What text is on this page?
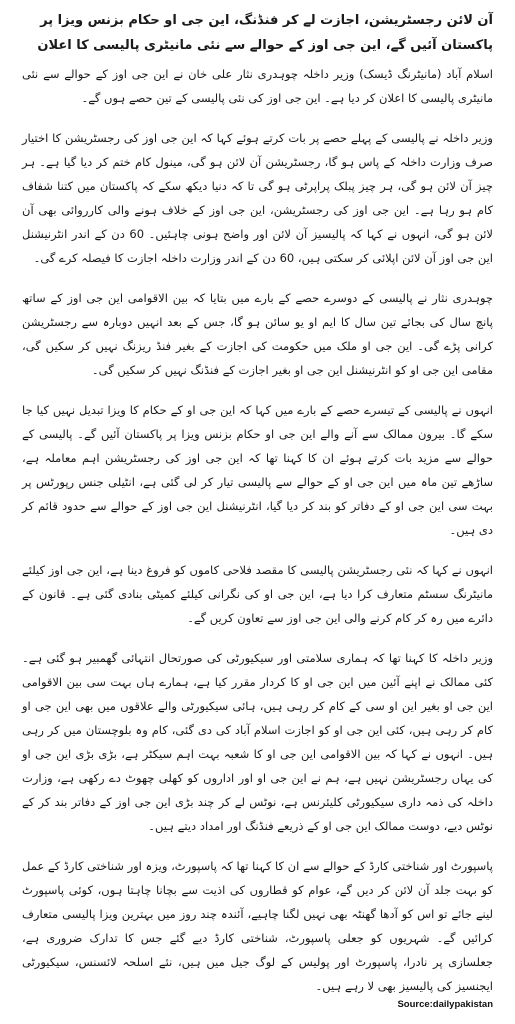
آن لائن رجسٹریشن، اجازت لے کر فنڈنگ، این جی او حکام بزنس ویزا پر پاکستان آئیں گے، این جی اوز کے حوالے سے نئی مانیٹری پالیسی کا اعلان
اسلام آباد (مانیٹرنگ ڈیسک) وزیر داخلہ چوہدری نثار علی خان نے این جی اوز کے حوالے سے نئی مانیٹری پالیسی کا اعلان کر دیا ہے۔ این جی اوز کی نئی پالیسی کے تین حصے ہوں گے۔
وزیر داخلہ نے پالیسی کے پہلے حصے پر بات کرتے ہوئے کہا کہ این جی اوز کی رجسٹریشن کا اختیار صرف وزارت داخلہ کے پاس ہو گا، رجسٹریشن آن لائن ہو گی، مینول کام ختم کر دیا گیا ہے۔ ہر چیز آن لائن ہو گی، ہر چیز پبلک پراپرٹی ہو گی تا کہ دنیا دیکھ سکے کہ پاکستان میں کتنا شفاف کام ہو رہا ہے۔ این جی اوز کی رجسٹریشن، این جی اوز کے خلاف ہونے والی کارروائی بھی آن لائن ہو گی، انہوں نے کہا کہ پالیسیز آن لائن اور واضح ہونی چاہئیں۔ 60 دن کے اندر انٹرنیشنل این جی اوز آن لائن اپلائی کر سکتی ہیں، 60 دن کے اندر وزارت داخلہ اجازت کا فیصلہ کرے گی۔
چوہدری نثار نے پالیسی کے دوسرے حصے کے بارے میں بتایا کہ بین الاقوامی این جی اوز کے ساتھ پانچ سال کی بجائے تین سال کا ایم او یو سائن ہو گا، جس کے بعد انہیں دوبارہ سے رجسٹریشن کرانی پڑے گی۔ این جی او ملک میں حکومت کی اجازت کے بغیر فنڈ ریزنگ نہیں کر سکیں گی، مقامی این جی او کو انٹرنیشنل این جی او بغیر اجازت کے فنڈنگ نہیں کر سکیں گی۔
انہوں نے پالیسی کے تیسرے حصے کے بارے میں کہا کہ این جی او کے حکام کا ویزا تبدیل نہیں کیا جا سکے گا۔ بیرون ممالک سے آنے والے این جی او حکام بزنس ویزا پر پاکستان آئیں گے۔ پالیسی کے حوالے سے مزید بات کرتے ہوئے ان کا کہنا تھا کہ این جی اوز کی رجسٹریشن اہم معاملہ ہے، ساڑھے تین ماہ میں این جی او کے حوالے سے پالیسی تیار کر لی گئی ہے، انٹیلی جنس رپورٹس پر بہت سی این جی او کے دفاتر کو بند کر دیا گیا، انٹرنیشنل این جی اوز کے حوالے سے حدود قائم کر دی ہیں۔
انہوں نے کہا کہ نئی رجسٹریشن پالیسی کا مقصد فلاحی کاموں کو فروغ دینا ہے، این جی اوز کیلئے مانیٹرنگ سسٹم متعارف کرا دیا ہے، این جی او کی نگرانی کیلئے کمیٹی بنادی گئی ہے۔ قانون کے دائرے میں رہ کر کام کرنے والی این جی اوز سے تعاون کریں گے۔
وزیر داخلہ کا کہنا تھا کہ ہماری سلامتی اور سیکیورٹی کی صورتحال انتہائی گھمبیر ہو گئی ہے۔ کئی ممالک نے اپنے آئین میں این جی او کا کردار مقرر کیا ہے، ہمارے ہاں بہت سی بین الاقوامی این جی او بغیر این او سی کے کام کر رہی ہیں، ہائی سیکیورٹی والے علاقوں میں بھی این جی او کام کر رہی ہیں، کئی این جی او کو اجازت اسلام آباد کی دی گئی، کام وہ بلوچستان میں کر رہی ہیں۔ انہوں نے کہا کہ بین الاقوامی این جی او کا شعبہ بہت اہم سیکٹر ہے، بڑی بڑی این جی او کی یہاں رجسٹریشن نہیں ہے، ہم نے این جی او اور اداروں کو کھلی چھوٹ دے رکھی ہے، وزارت داخلہ کی ذمہ داری سیکیورٹی کلیئرنس ہے، نوٹس لے کر چند بڑی این جی اوز کے دفاتر بند کر کے نوٹس دیے، دوست ممالک این جی او کے ذریعے فنڈنگ اور امداد دیتے ہیں۔
پاسپورٹ اور شناختی کارڈ کے حوالے سے ان کا کہنا تھا کہ پاسپورٹ، ویزہ اور شناختی کارڈ کے عمل کو بہت جلد آن لائن کر دیں گے، عوام کو قطاروں کی اذیت سے بچانا چاہتا ہوں، کوئی پاسپورٹ لینے جائے تو اس کو آدھا گھنٹہ بھی نہیں لگنا چاہیے، آئندہ چند روز میں بہترین ویزا پالیسی متعارف کرائیں گے۔ شہریوں کو جعلی پاسپورٹ، شناختی کارڈ دیے گئے جس کا تدارک ضروری ہے، جعلسازی پر نادرا، پاسپورٹ اور پولیس کے لوگ جیل میں ہیں، نئے اسلحہ لائسنس، سیکیورٹی ایجنسیز کی پالیسیز بھی لا رہے ہیں۔
Source:dailypakistan
